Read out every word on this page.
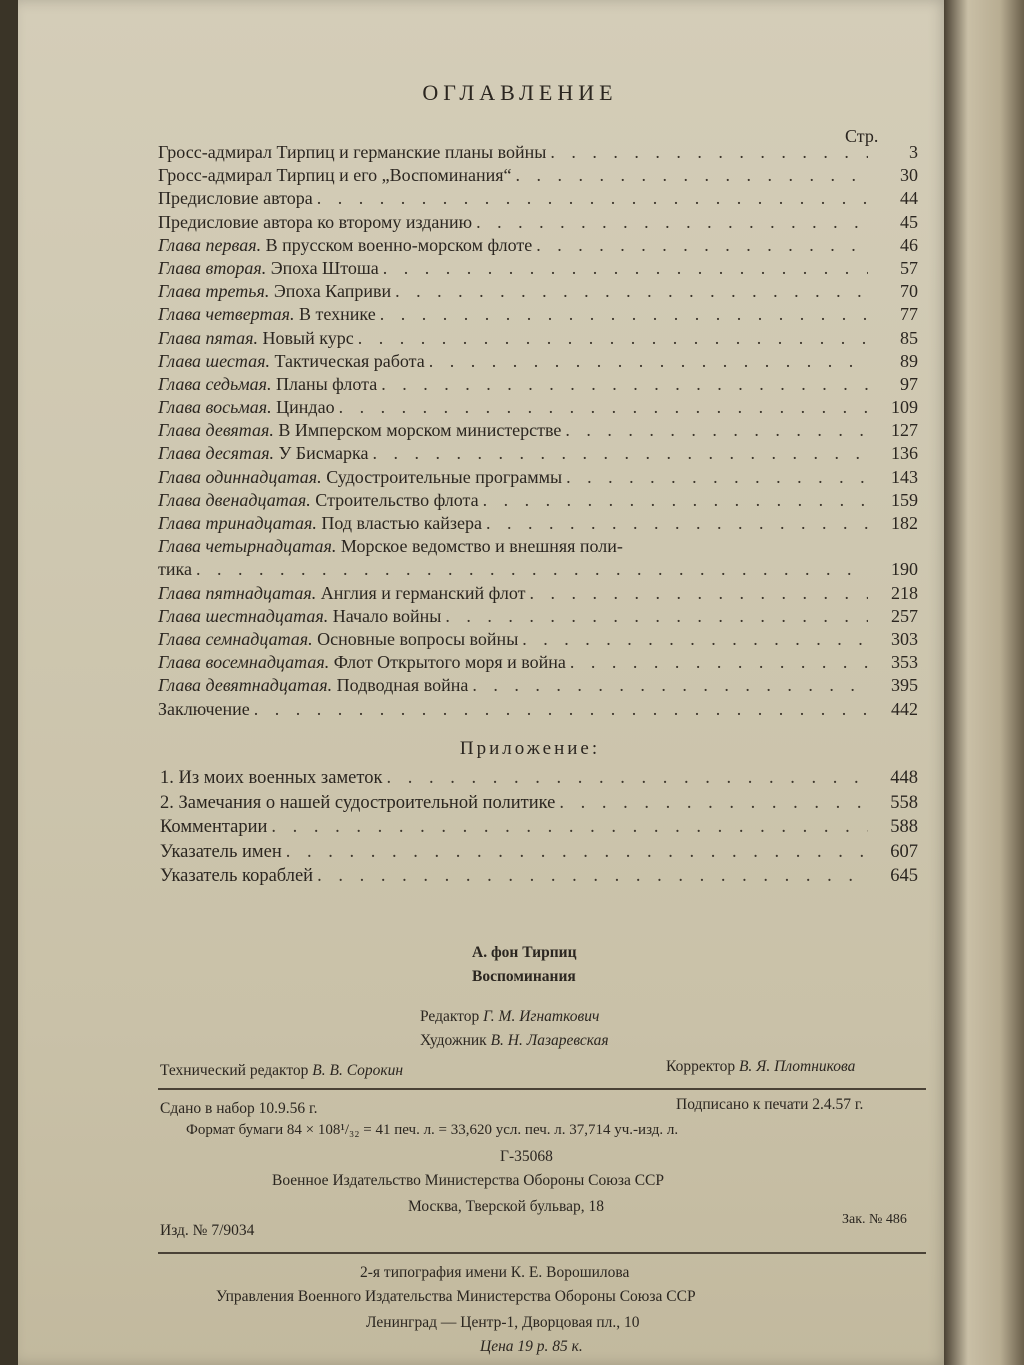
ОГЛАВЛЕНИЕ
Стр.
Гросс-адмирал Тирпиц и германские планы войны . . .	3
Гросс-адмирал Тирпиц и его „Воспоминания“ . . .	30
Предисловие автора . . .	44
Предисловие автора ко второму изданию . . .	45
Глава первая. В прусском военно-морском флоте . . .	46
Глава вторая. Эпоха Штоша . . .	57
Глава третья. Эпоха Каприви . . .	70
Глава четвертая. В технике . . .	77
Глава пятая. Новый курс . . .	85
Глава шестая. Тактическая работа . . .	89
Глава седьмая. Планы флота . . .	97
Глава восьмая. Циндао . . .	109
Глава девятая. В Имперском морском министерстве . . .	127
Глава десятая. У Бисмарка . . .	136
Глава одиннадцатая. Судостроительные программы . . .	143
Глава двенадцатая. Строительство флота . . .	159
Глава тринадцатая. Под властью кайзера . . .	182
Глава четырнадцатая. Морское ведомство и внешняя поли-
тика . . .	190
Глава пятнадцатая. Англия и германский флот . . .	218
Глава шестнадцатая. Начало войны . . .	257
Глава семнадцатая. Основные вопросы войны . . .	303
Глава восемнадцатая. Флот Открытого моря и война . . .	353
Глава девятнадцатая. Подводная война . . .	395
Заключение . . .	442
Приложение:
1. Из моих военных заметок . . .	448
2. Замечания о нашей судостроительной политике . . .	558
Комментарии . . .	588
Указатель имен . . .	607
Указатель кораблей . . .	645
А. фон Тирпиц
Воспоминания
Редактор Г. М. Игнаткович
Художник В. Н. Лазаревская
Технический редактор В. В. Сорокин	Корректор В. Я. Плотникова
Сдано в набор 10.9.56 г.	Подписано к печати 2.4.57 г.
Формат бумаги 84 × 108¹/₃₂ = 41 печ. л. = 33,620 усл. печ. л. 37,714 уч.-изд. л.
Г-35068
Военное Издательство Министерства Обороны Союза ССР
Москва, Тверской бульвар, 18
Изд. № 7/9034
Зак. № 486
2-я типография имени К. Е. Ворошилова
Управления Военного Издательства Министерства Обороны Союза ССР
Ленинград — Центр-1, Дворцовая пл., 10
Цена 19 р. 85 к.
